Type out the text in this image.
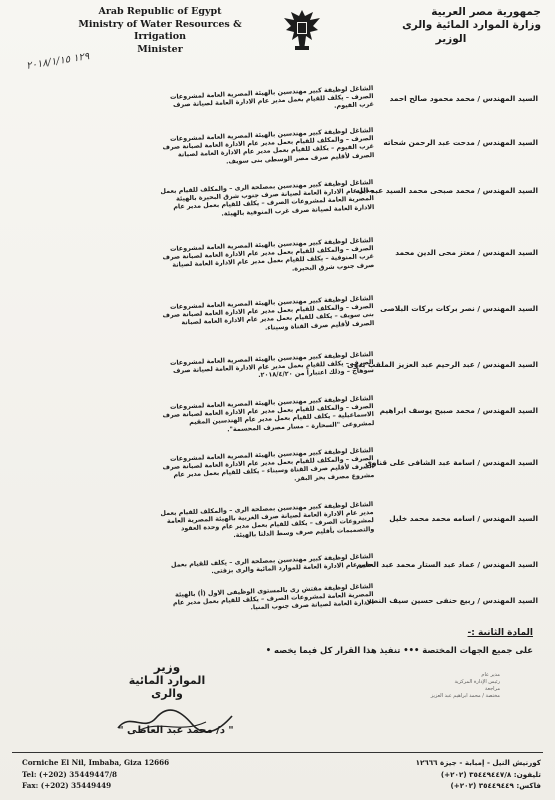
Arab Republic of Egypt
Ministry of Water Resources & Irrigation
Minister
جمهورية مصر العربية
وزارة الموارد المائية والرى
الوزير
١٢٩ ٢٠١٨/١/١٥
الشاغل لوظيفة كبير مهندسين بالهيئة المصرية العامة لمشروعات الصرف – يكلف للقيام بعمل مدير عام الادارة العامة لصيانة صرف غرب الفيوم.
السيد المهندس / محمد محمود صالح احمد
الشاغل لوظيفة كبير مهندسين بالهيئة المصرية العامة لمشروعات الصرف – والمكلف للقيام بعمل مدير عام الادارة العامة لصيانة صرف غرب الفيوم – يكلف للقيام بعمل مدير عام الادارة العامة لصيانة الصرف لأقليم صرف مصر الوسطى بنى سويف.
السيد المهندس / مدحت عبد الرحمن شحاته
الشاغل لوظيفة كبير مهندسين بمصلحة الرى – والمكلف للقيام بعمل مدير عام الادارة العامة لصيانة صرف جنوب شرق البحيرة بالهيئة المصرية العامة لمشروعات الصرف – يكلف للقيام بعمل مدير عام الادارة العامة لصيانة صرف غرب المنوفية بالهيئة.
السيد المهندس / محمد صبحى محمد السيد عبد الله
الشاغل لوظيفة كبير مهندسين بالهيئة المصرية العامة لمشروعات الصرف – والمكلف للقيام بعمل مدير عام الادارة العامة لصيانة صرف غرب المنوفية – يكلف للقيام بعمل مدير عام الادارة العامة لصيانة صرف جنوب شرق البحيرة.
السيد المهندس / معتز محى الدين محمد
الشاغل لوظيفة كبير مهندسين بالهيئة المصرية العامة لمشروعات الصرف – والمكلف للقيام بعمل مدير عام الادارة العامة لصيانة صرف بنى سويف – يكلف للقيام بعمل مدير عام الادارة العامة لصيانة الصرف لأقليم صرف القناة وسيناء.
السيد المهندس / نصر بركات بركات البلاصى
الشاغل لوظيفة كبير مهندسين بالهيئة المصرية العامة لمشروعات الصرف – يكلف للقيام بعمل مدير عام الادارة العامة لصيانة صرف سوهاج – وذلك اعتباراً من ٢٠١٨/٤/٢٠.
السيد المهندس / عبد الرحيم عبد العزيز الملقب بدوى
الشاغل لوظيفة كبير مهندسين بالهيئة المصرية العامة لمشروعات الصرف – والمكلف للقيام بعمل مدير عام الادارة العامة لصيانة صرف الاسماعيلية – يكلف للقيام بعمل مدير عام الهندسين المقيم لمشروعى "السحارة – مسار مصرف المحسمة".
السيد المهندس / محمد صبيح يوسف ابراهيم
الشاغل لوظيفة كبير مهندسين بالهيئة المصرية العامة لمشروعات الصرف – والمكلف للقيام بعمل مدير عام الادارة العامة لصيانة صرف الصرف لأقليم صرف القناة وسيناء – يكلف للقيام بعمل مدير عام مشروع مصرف بحر البقر.
السيد المهندس / اسامة عبد الشافى على قناوى
الشاغل لوظيفة كبير مهندسين بمصلحة الرى – والمكلف للقيام بعمل مدير عام الادارة العامة لصيانة صرف الغربية بالهيئة المصرية العامة لمشروعات الصرف – يكلف للقيام بعمل مدير عام وحدة العقود والتصميمات بأقليم صرف وسط الدلتا بالهيئة.
السيد المهندس / اسامه محمد محمد خليل
الشاغل لوظيفة كبير مهندسين بمصلحة الرى – يكلف للقيام بعمل مدير عام الادارة العامة للموارد المائية والرى بزفتى.
السيد المهندس / عماد عبد الستار محمد عبد الحليم
الشاغل لوظيفة مفتش رى بالمستوى الوظيفى الاول (أ) بالهيئة المصرية العامة لمشروعات الصرف – يكلف للقيام بعمل مدير عام الادارة العامة لصيانة صرف جنوب المنيا.
السيد المهندس / ربيع حنفى حسين سيف النصر
المادة الثانية :-
على جميع الجهات المختصة ••• تنفيذ هذا القرار كل فيما يخصه •
وزير
الموارد المائية والرى
" د/ محمد عبد العاطى "
مدير عام
رئيس الإدارة المركزية
مراجعة
مختصة / محمد ابراهيم عبد العزيز
Corniche El Nil, Imbaba, Giza 12666
Tel: (+202) 35449447/8
Fax: (+202) 35449449
كورنيش النيل - إمبابة - جيزة ١٢٦٦٦
تليفون: ٣٥٤٤٩٤٤٧/٨ (٢٠٢+)
فاكس: ٣٥٤٤٩٤٤٩ (٢٠٢+)
